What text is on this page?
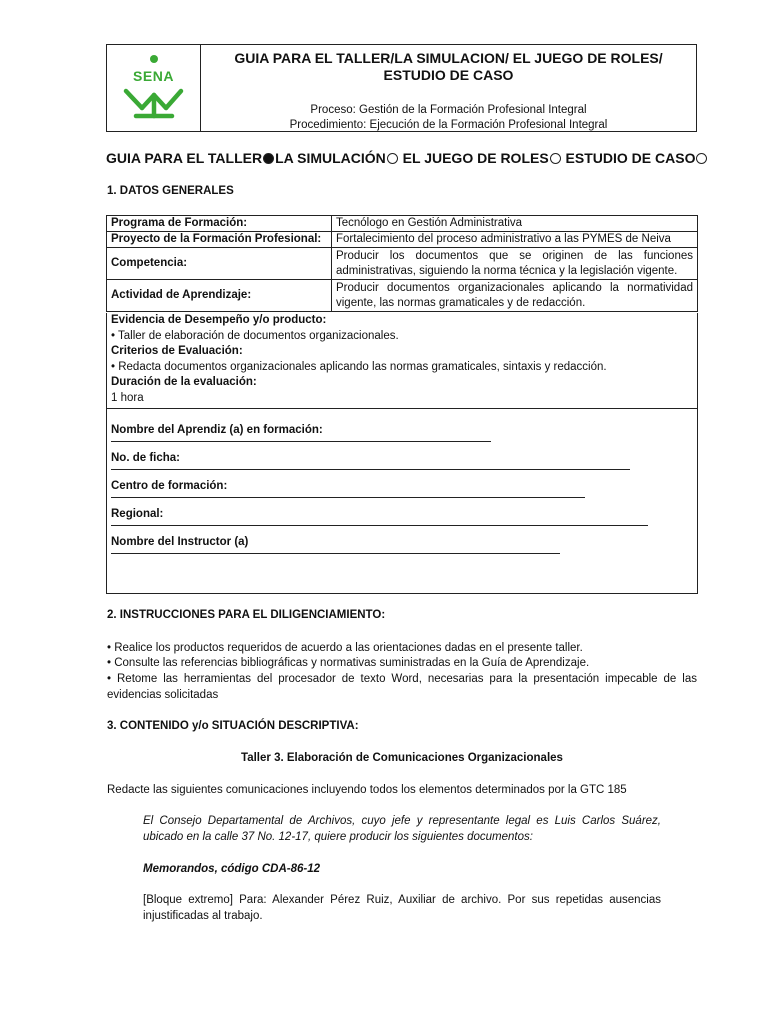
SENA
GUIA PARA EL TALLER/LA SIMULACION/ EL JUEGO DE ROLES/
ESTUDIO DE CASO
Proceso: Gestión de la Formación Profesional Integral
Procedimiento: Ejecución de la Formación Profesional Integral
GUIA PARA EL TALLER LA SIMULACIÓN EL JUEGO DE ROLES ESTUDIO DE CASO
1. DATOS GENERALES
Programa de Formación:	Tecnólogo en Gestión Administrativa
Proyecto de la Formación Profesional:	Fortalecimiento del proceso administrativo a las PYMES de Neiva
Competencia:	Producir los documentos que se originen de las funciones administrativas, siguiendo la norma técnica y la legislación vigente.
Actividad de Aprendizaje:	Producir documentos organizacionales aplicando la normatividad vigente, las normas gramaticales y de redacción.
Evidencia de Desempeño y/o producto:
• Taller de elaboración de documentos organizacionales.
Criterios de Evaluación:
• Redacta documentos organizacionales aplicando las normas gramaticales, sintaxis y redacción.
Duración de la evaluación:
1 hora
Nombre del Aprendiz (a) en formación:
No. de ficha:
Centro de formación:
Regional:
Nombre del Instructor (a)
2. INSTRUCCIONES PARA EL DILIGENCIAMIENTO:
• Realice los productos requeridos de acuerdo a las orientaciones dadas en el presente taller.
• Consulte las referencias bibliográficas y normativas suministradas en la Guía de Aprendizaje.
• Retome las herramientas del procesador de texto Word, necesarias para la presentación impecable de las evidencias solicitadas
3. CONTENIDO y/o SITUACIÓN DESCRIPTIVA:
Taller 3. Elaboración de Comunicaciones Organizacionales
Redacte las siguientes comunicaciones incluyendo todos los elementos determinados por la GTC 185
El Consejo Departamental de Archivos, cuyo jefe y representante legal es Luis Carlos Suárez, ubicado en la calle 37 No. 12-17, quiere producir los siguientes documentos:
Memorandos, código CDA-86-12
[Bloque extremo] Para: Alexander Pérez Ruiz, Auxiliar de archivo. Por sus repetidas ausencias injustificadas al trabajo.
